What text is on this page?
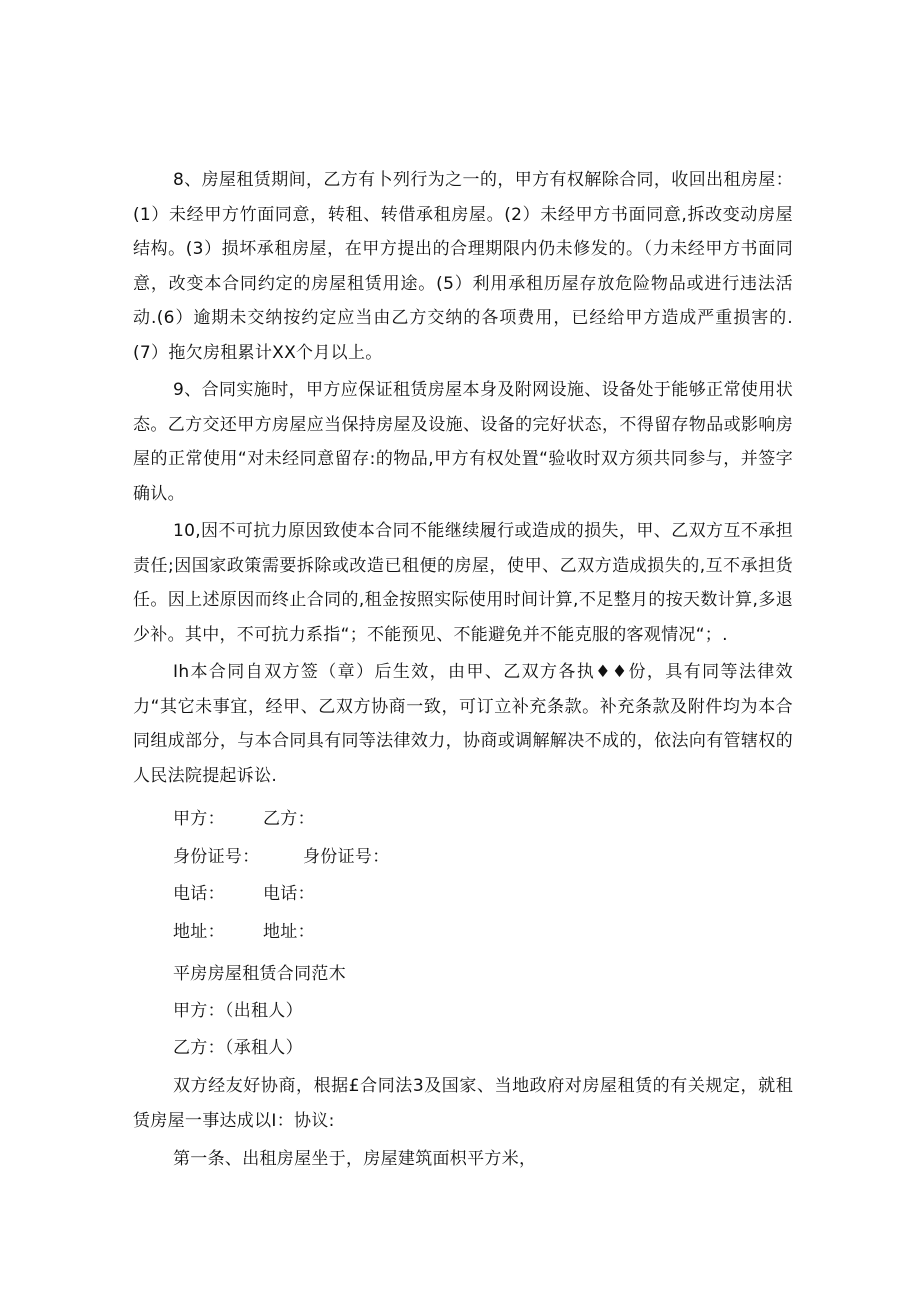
8、房屋租赁期间，乙方有卜列行为之一的，甲方有权解除合同，收回出租房屋：(1）未经甲方竹面同意，转租、转借承租房屋。(2）未经甲方书面同意,拆改变动房屋结构。(3）损坏承租房屋，在甲方提出的合理期限内仍未修发的。（力未经甲方书面同意，改变本合同约定的房屋租赁用途。(5）利用承租历屋存放危险物品或进行违法活动.(6）逾期未交纳按约定应当由乙方交纳的各项费用，已经给甲方造成严重损害的.(7）拖欠房租累计XX个月以上。

9、合同实施时，甲方应保证租赁房屋本身及附网设施、设备处于能够正常使用状态。乙方交还甲方房屋应当保持房屋及设施、设备的完好状态，不得留存物品或影响房屋的正常使用“对未经同意留存:的物品,甲方有权处置“验收时双方须共同参与，并签字确认。

10,因不可抗力原因致使本合同不能继续履行或造成的损失，甲、乙双方互不承担责任;因国家政策需要拆除或改造已租便的房屋，使甲、乙双方造成损失的,互不承担货任。因上述原因而终止合同的,租金按照实际使用时间计算,不足整月的按天数计算,多退少补。其中，不可抗力系指“；不能预见、不能避免并不能克服的客观情况“；.

Ih本合同自双方签（章）后生效，由甲、乙双方各执♦♦份，具有同等法律效力“其它未事宜，经甲、乙双方协商一致，可订立补充条款。补充条款及附件均为本合同组成部分，与本合同具有同等法律效力，协商或调解解决不成的，依法向有管辖权的人民法院提起诉讼.

甲方： 乙方：
身份证号：	身份证号：
电话： 电话：
地址： 地址：
平房房屋租赁合同范木
甲方：（出租人）
乙方：（承租人）

双方经友好协商，根据£合同法3及国家、当地政府对房屋租赁的有关规定，就租赁房屋一事达成以I：协议:

第一条、出租房屋坐于，房屋建筑面枳平方米，
